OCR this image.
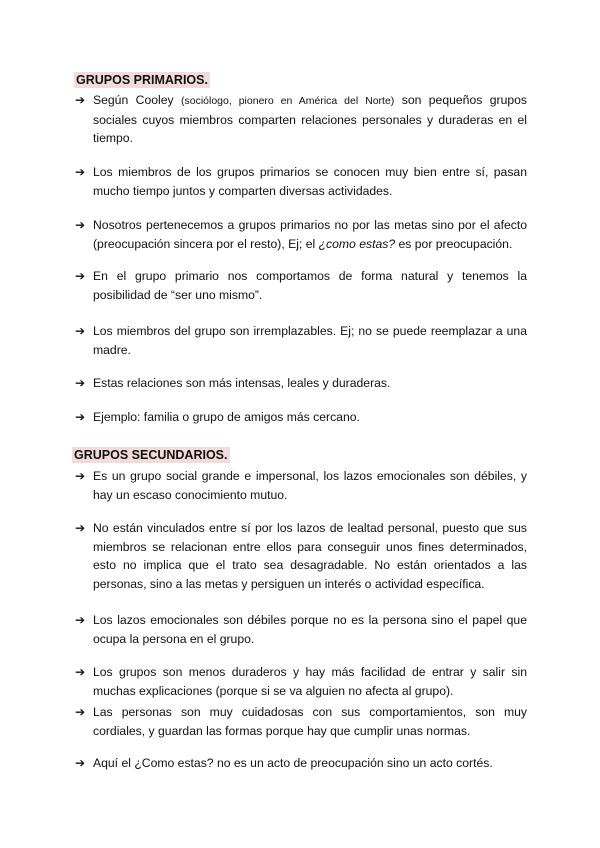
GRUPOS PRIMARIOS.
➔ Según Cooley (sociólogo, pionero en América del Norte) son pequeños grupos sociales cuyos miembros comparten relaciones personales y duraderas en el tiempo.
➔ Los miembros de los grupos primarios se conocen muy bien entre sí, pasan mucho tiempo juntos y comparten diversas actividades.
➔ Nosotros pertenecemos a grupos primarios no por las metas sino por el afecto (preocupación sincera por el resto), Ej; el ¿como estas? es por preocupación.
➔ En el grupo primario nos comportamos de forma natural y tenemos la posibilidad de “ser uno mismo”.
➔ Los miembros del grupo son irremplazables. Ej; no se puede reemplazar a una madre.
➔ Estas relaciones son más intensas, leales y duraderas.
➔ Ejemplo: familia o grupo de amigos más cercano.
GRUPOS SECUNDARIOS.
➔ Es un grupo social grande e impersonal, los lazos emocionales son débiles, y hay un escaso conocimiento mutuo.
➔ No están vinculados entre sí por los lazos de lealtad personal, puesto que sus miembros se relacionan entre ellos para conseguir unos fines determinados, esto no implica que el trato sea desagradable. No están orientados a las personas, sino a las metas y persiguen un interés o actividad específica.
➔ Los lazos emocionales son débiles porque no es la persona sino el papel que ocupa la persona en el grupo.
➔ Los grupos son menos duraderos y hay más facilidad de entrar y salir sin muchas explicaciones (porque si se va alguien no afecta al grupo).
➔ Las personas son muy cuidadosas con sus comportamientos, son muy cordiales, y guardan las formas porque hay que cumplir unas normas.
➔ Aquí el ¿Como estas? no es un acto de preocupación sino un acto cortés.
